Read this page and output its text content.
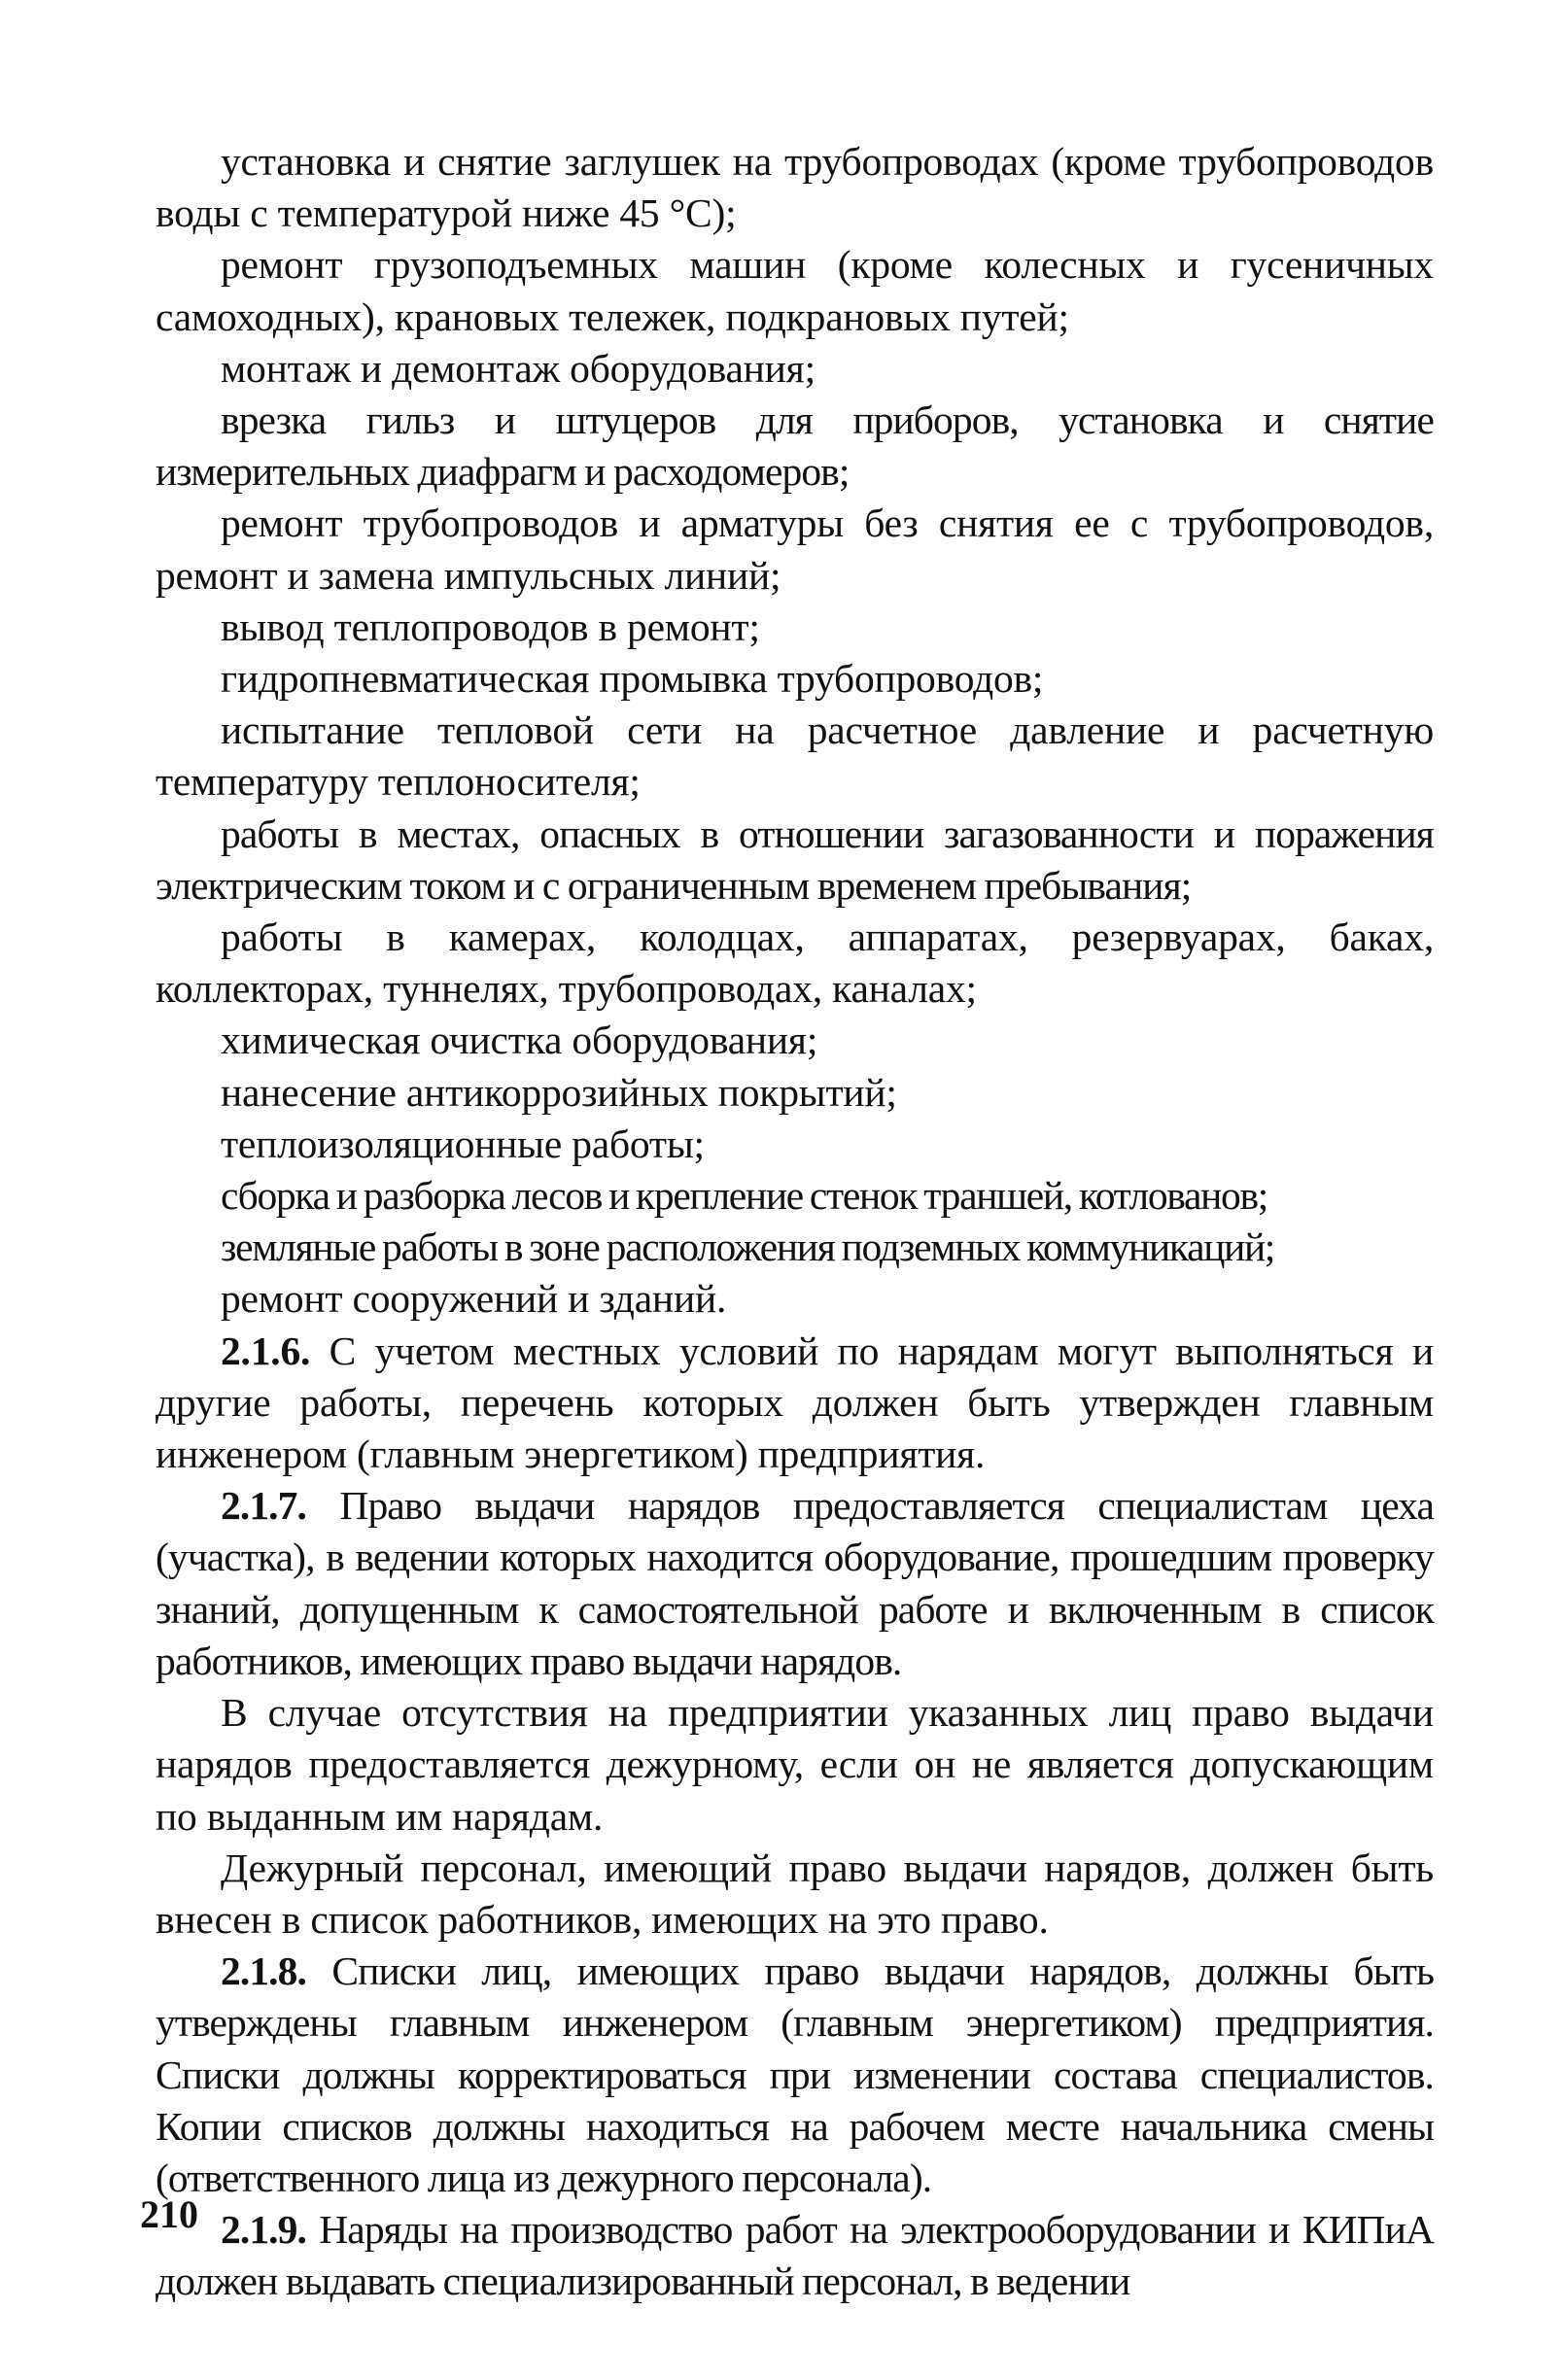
установка и снятие заглушек на трубопроводах (кроме трубопроводов воды с температурой ниже 45 °С);

ремонт грузоподъемных машин (кроме колесных и гусеничных самоходных), крановых тележек, подкрановых путей;

монтаж и демонтаж оборудования;

врезка гильз и штуцеров для приборов, установка и снятие измерительных диафрагм и расходомеров;

ремонт трубопроводов и арматуры без снятия ее с трубопроводов, ремонт и замена импульсных линий;

вывод теплопроводов в ремонт;

гидропневматическая промывка трубопроводов;

испытание тепловой сети на расчетное давление и расчетную температуру теплоносителя;

работы в местах, опасных в отношении загазованности и поражения электрическим током и с ограниченным временем пребывания;

работы в камерах, колодцах, аппаратах, резервуарах, баках, коллекторах, туннелях, трубопроводах, каналах;

химическая очистка оборудования;

нанесение антикоррозийных покрытий;

теплоизоляционные работы;

сборка и разборка лесов и крепление стенок траншей, котлованов;

земляные работы в зоне расположения подземных коммуникаций;

ремонт сооружений и зданий.

2.1.6. С учетом местных условий по нарядам могут выполняться и другие работы, перечень которых должен быть утвержден главным инженером (главным энергетиком) предприятия.

2.1.7. Право выдачи нарядов предоставляется специалистам цеха (участка), в ведении которых находится оборудование, прошедшим проверку знаний, допущенным к самостоятельной работе и включенным в список работников, имеющих право выдачи нарядов.

В случае отсутствия на предприятии указанных лиц право выдачи нарядов предоставляется дежурному, если он не является допускающим по выданным им нарядам.

Дежурный персонал, имеющий право выдачи нарядов, должен быть внесен в список работников, имеющих на это право.

2.1.8. Списки лиц, имеющих право выдачи нарядов, должны быть утверждены главным инженером (главным энергетиком) предприятия. Списки должны корректироваться при изменении состава специалистов. Копии списков должны находиться на рабочем месте начальника смены (ответственного лица из дежурного персонала).

2.1.9. Наряды на производство работ на электрооборудовании и КИПиА должен выдавать специализированный персонал, в ведении

210
